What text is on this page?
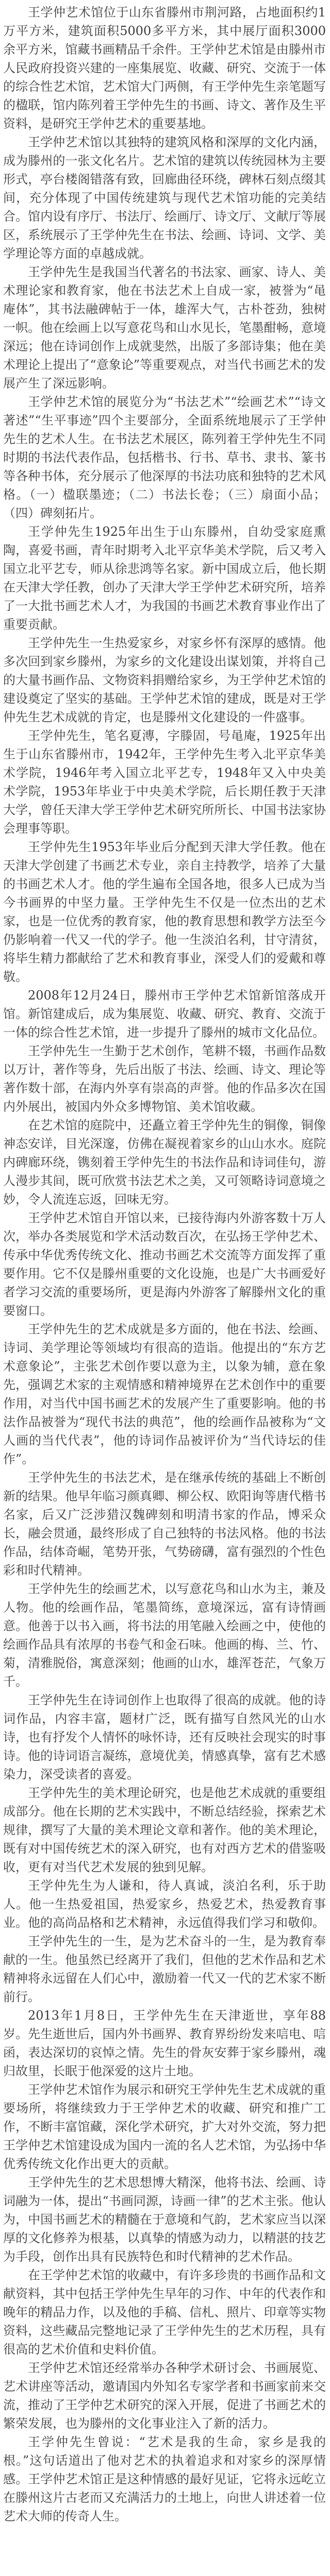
王学仲艺术馆位于山东省滕州市荆河路，占地面积约1万平方米，建筑面积5000多平方米，其中展厅面积3000余平方米，馆藏书画精品千余件。王学仲艺术馆是由滕州市人民政府投资兴建的一座集展览、收藏、研究、交流于一体的综合性艺术馆，艺术馆大门两侧，有王学仲先生亲笔题写的楹联，馆内陈列着王学仲先生的书画、诗文、著作及生平资料，是研究王学仲艺术的重要基地。

王学仲艺术馆以其独特的建筑风格和深厚的文化内涵，成为滕州的一张文化名片。艺术馆的建筑以传统园林为主要形式，亭台楼阁错落有致，回廊曲径环绕，碑林石刻点缀其间，充分体现了中国传统建筑与现代艺术馆功能的完美结合。馆内设有序厅、书法厅、绘画厅、诗文厅、文献厅等展区，系统展示了王学仲先生在书法、绘画、诗词、文学、美学理论等方面的卓越成就。

王学仲先生是我国当代著名的书法家、画家、诗人、美术理论家和教育家，他在书法艺术上自成一家，被誉为“黾庵体”，其书法融碑帖于一体，雄浑大气，古朴苍劲，独树一帜。他在绘画上以写意花鸟和山水见长，笔墨酣畅，意境深远；他在诗词创作上成就斐然，出版了多部诗集；他在美术理论上提出了“意象论”等重要观点，对当代书画艺术的发展产生了深远影响。

王学仲艺术馆的展览分为“书法艺术”“绘画艺术”“诗文著述”“生平事迹”四个主要部分，全面系统地展示了王学仲先生的艺术人生。在书法艺术展区，陈列着王学仲先生不同时期的书法代表作品，包括楷书、行书、草书、隶书、篆书等各种书体，充分展示了他深厚的书法功底和独特的艺术风格。（一）楹联墨迹；（二）书法长卷；（三）扇面小品；（四）碑刻拓片。

王学仲先生1925年出生于山东滕州，自幼受家庭熏陶，喜爱书画，青年时期考入北平京华美术学院，后又考入国立北平艺专，师从徐悲鸿等名家。新中国成立后，他长期在天津大学任教，创办了天津大学王学仲艺术研究所，培养了一大批书画艺术人才，为我国的书画艺术教育事业作出了重要贡献。

王学仲先生一生热爱家乡，对家乡怀有深厚的感情。他多次回到家乡滕州，为家乡的文化建设出谋划策，并将自己的大量书画作品、文物资料捐赠给家乡，为王学仲艺术馆的建设奠定了坚实的基础。王学仲艺术馆的建成，既是对王学仲先生艺术成就的肯定，也是滕州文化建设的一件盛事。

王学仲先生，笔名夏漙，字滕固，号黾庵，1925年出生于山东省滕州市，1942年，王学仲先生考入北平京华美术学院，1946年考入国立北平艺专，1948年又入中央美术学院，1953年毕业于中央美术学院，后长期任教于天津大学，曾任天津大学王学仲艺术研究所所长、中国书法家协会理事等职。

王学仲先生1953年毕业后分配到天津大学任教。他在天津大学创建了书画艺术专业，亲自主持教学，培养了大量的书画艺术人才。他的学生遍布全国各地，很多人已成为当今书画界的中坚力量。王学仲先生不仅是一位杰出的艺术家，也是一位优秀的教育家，他的教育思想和教学方法至今仍影响着一代又一代的学子。他一生淡泊名利，甘守清贫，将毕生精力都献给了艺术和教育事业，深受人们的爱戴和尊敬。

2008年12月24日，滕州市王学仲艺术馆新馆落成开馆。新馆建成后，成为集展览、收藏、研究、教育、交流于一体的综合性艺术馆，进一步提升了滕州的城市文化品位。

王学仲先生一生勤于艺术创作，笔耕不辍，书画作品数以万计，著作等身，先后出版了书法、绘画、诗文、理论等著作数十部，在海内外享有崇高的声誉。他的作品多次在国内外展出，被国内外众多博物馆、美术馆收藏。

在艺术馆的庭院中，还矗立着王学仲先生的铜像，铜像神态安详，目光深邃，仿佛在凝视着家乡的山山水水。庭院内碑廊环绕，镌刻着王学仲先生的书法作品和诗词佳句，游人漫步其间，既可欣赏书法艺术之美，又可领略诗词意境之妙，令人流连忘返，回味无穷。

王学仲艺术馆自开馆以来，已接待海内外游客数十万人次，举办各类展览和学术活动数百次，在弘扬王学仲艺术、传承中华优秀传统文化、推动书画艺术交流等方面发挥了重要作用。它不仅是滕州重要的文化设施，也是广大书画爱好者学习交流的重要场所，更是海内外游客了解滕州文化的重要窗口。

王学仲先生的艺术成就是多方面的，他在书法、绘画、诗词、美学理论等领域均有很高的造诣。他提出的“东方艺术意象论”，主张艺术创作要以意为主，以象为辅，意在象先，强调艺术家的主观情感和精神境界在艺术创作中的重要作用，对当代中国书画艺术的发展产生了重要影响。他的书法作品被誉为“现代书法的典范”，他的绘画作品被称为“文人画的当代代表”，他的诗词作品被评价为“当代诗坛的佳作”。

王学仲先生的书法艺术，是在继承传统的基础上不断创新的结果。他早年临习颜真卿、柳公权、欧阳询等唐代楷书名家，后又广泛涉猎汉魏碑刻和明清书家的作品，博采众长，融会贯通，最终形成了自己独特的书法风格。他的书法作品，结体奇崛，笔势开张，气势磅礴，富有强烈的个性色彩和时代精神。

王学仲先生的绘画艺术，以写意花鸟和山水为主，兼及人物。他的绘画作品，笔墨简练，意境深远，富有诗情画意。他善于以书入画，将书法的用笔融入绘画之中，使他的绘画作品具有浓厚的书卷气和金石味。他画的梅、兰、竹、菊，清雅脱俗，寓意深刻；他画的山水，雄浑苍茫，气象万千。

王学仲先生在诗词创作上也取得了很高的成就。他的诗词作品，内容丰富，题材广泛，既有描写自然风光的山水诗，也有抒发个人情怀的咏怀诗，还有反映社会现实的时事诗。他的诗词语言凝练，意境优美，情感真挚，富有艺术感染力，深受读者的喜爱。

王学仲先生的美术理论研究，也是他艺术成就的重要组成部分。他在长期的艺术实践中，不断总结经验，探索艺术规律，撰写了大量的美术理论文章和著作。他的美术理论，既有对中国传统艺术的深入研究，也有对西方艺术的借鉴吸收，更有对当代艺术发展的独到见解。

王学仲先生为人谦和，待人真诚，淡泊名利，乐于助人。他一生热爱祖国，热爱家乡，热爱艺术，热爱教育事业。他的高尚品格和艺术精神，永远值得我们学习和敬仰。

王学仲先生的一生，是为艺术奋斗的一生，是为教育奉献的一生。他虽然已经离开了我们，但他的艺术作品和艺术精神将永远留在人们心中，激励着一代又一代的艺术家不断前行。

2013年1月8日，王学仲先生在天津逝世，享年88岁。先生逝世后，国内外书画界、教育界纷纷发来唁电、唁函，表达深切的哀悼之情。先生的骨灰安葬于家乡滕州，魂归故里，长眠于他深爱的这片土地。

王学仲艺术馆作为展示和研究王学仲先生艺术成就的重要场所，将继续致力于王学仲艺术的收藏、研究和推广工作，不断丰富馆藏，深化学术研究，扩大对外交流，努力把王学仲艺术馆建设成为国内一流的名人艺术馆，为弘扬中华优秀传统文化作出更大的贡献。

王学仲先生的艺术思想博大精深，他将书法、绘画、诗词融为一体，提出“书画同源，诗画一律”的艺术主张。他认为，中国书画艺术的精髓在于意境和气韵，艺术家应当以深厚的文化修养为根基，以真挚的情感为动力，以精湛的技艺为手段，创作出具有民族特色和时代精神的艺术作品。

在王学仲艺术馆的收藏中，有许多珍贵的书画作品和文献资料，其中包括王学仲先生早年的习作、中年的代表作和晚年的精品力作，以及他的手稿、信札、照片、印章等实物资料，这些藏品完整地记录了王学仲先生的艺术历程，具有很高的艺术价值和史料价值。

王学仲艺术馆还经常举办各种学术研讨会、书画展览、艺术讲座等活动，邀请国内外知名专家学者和书画家前来交流，推动了王学仲艺术研究的深入开展，促进了书画艺术的繁荣发展，也为滕州的文化事业注入了新的活力。

王学仲先生曾说：“艺术是我的生命，家乡是我的根。”这句话道出了他对艺术的执着追求和对家乡的深厚情感。王学仲艺术馆正是这种情感的最好见证，它将永远屹立在滕州这片古老而又充满活力的土地上，向世人讲述着一位艺术大师的传奇人生。
